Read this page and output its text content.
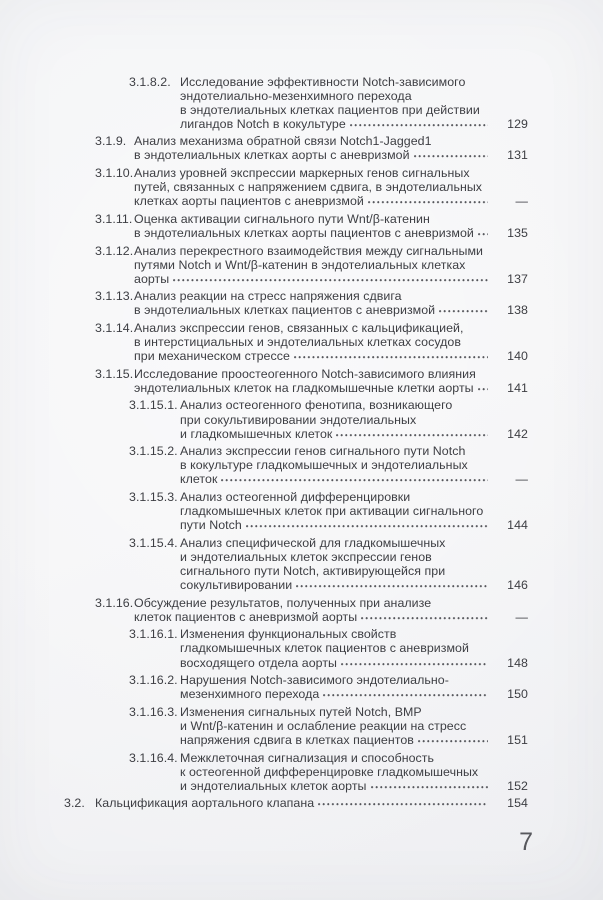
3.1.8.2. Исследование эффективности Notch-зависимого
эндотелиально-мезенхимного перехода
в эндотелиальных клетках пациентов при действии
лигандов Notch в кокультуре	129
3.1.9. Анализ механизма обратной связи Notch1-Jagged1
в эндотелиальных клетках аорты с аневризмой	131
3.1.10. Анализ уровней экспрессии маркерных генов сигнальных
путей, связанных с напряжением сдвига, в эндотелиальных
клетках аорты пациентов с аневризмой	—
3.1.11. Оценка активации сигнального пути Wnt/β-катенин
в эндотелиальных клетках аорты пациентов с аневризмой	135
3.1.12. Анализ перекрестного взаимодействия между сигнальными
путями Notch и Wnt/β-катенин в эндотелиальных клетках
аорты	137
3.1.13. Анализ реакции на стресс напряжения сдвига
в эндотелиальных клетках пациентов с аневризмой	138
3.1.14. Анализ экспрессии генов, связанных с кальцификацией,
в интерстициальных и эндотелиальных клетках сосудов
при механическом стрессе	140
3.1.15. Исследование проостеогенного Notch-зависимого влияния
эндотелиальных клеток на гладкомышечные клетки аорты	141
3.1.15.1. Анализ остеогенного фенотипа, возникающего
при сокультивировании эндотелиальных
и гладкомышечных клеток	142
3.1.15.2. Анализ экспрессии генов сигнального пути Notch
в кокультуре гладкомышечных и эндотелиальных
клеток	—
3.1.15.3. Анализ остеогенной дифференцировки
гладкомышечных клеток при активации сигнального
пути Notch	144
3.1.15.4. Анализ специфической для гладкомышечных
и эндотелиальных клеток экспрессии генов
сигнального пути Notch, активирующейся при
сокультивировании	146
3.1.16. Обсуждение результатов, полученных при анализе
клеток пациентов с аневризмой аорты	—
3.1.16.1. Изменения функциональных свойств
гладкомышечных клеток пациентов с аневризмой
восходящего отдела аорты	148
3.1.16.2. Нарушения Notch-зависимого эндотелиально-
мезенхимного перехода	150
3.1.16.3. Изменения сигнальных путей Notch, BMP
и Wnt/β-катенин и ослабление реакции на стресс
напряжения сдвига в клетках пациентов	151
3.1.16.4. Межклеточная сигнализация и способность
к остеогенной дифференцировке гладкомышечных
и эндотелиальных клеток аорты	152
3.2. Кальцификация аортального клапана	154
7
